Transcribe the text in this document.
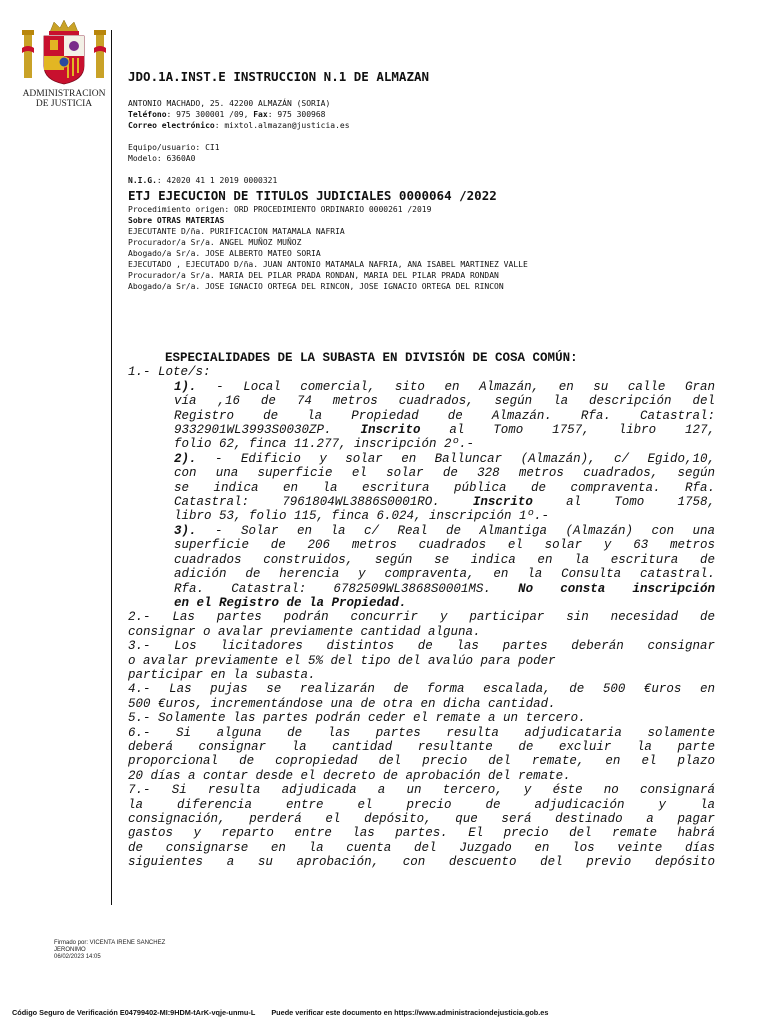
ADMINISTRACION
DE JUSTICIA
JDO.1A.INST.E INSTRUCCION N.1 DE ALMAZAN
ANTONIO MACHADO, 25. 42200 ALMAZÁN (SORIA)
Teléfono: 975 300001 /09, Fax: 975 300968
Correo electrónico: mixtol.almazan@justicia.es
Equipo/usuario: CI1
Modelo: 6360A0
N.I.G.: 42020 41 1 2019 0000321
ETJ EJECUCION DE TITULOS JUDICIALES 0000064 /2022
Procedimiento origen: ORD PROCEDIMIENTO ORDINARIO 0000261 /2019
Sobre OTRAS MATERIAS
EJECUTANTE D/ña. PURIFICACION MATAMALA NAFRIA
Procurador/a Sr/a. ANGEL MUÑOZ MUÑOZ
Abogado/a Sr/a. JOSE ALBERTO MATEO SORIA
EJECUTADO , EJECUTADO D/ña. JUAN ANTONIO MATAMALA NAFRIA, ANA ISABEL MARTINEZ VALLE
Procurador/a Sr/a. MARIA DEL PILAR PRADA RONDAN, MARIA DEL PILAR PRADA RONDAN
Abogado/a Sr/a. JOSE IGNACIO ORTEGA DEL RINCON, JOSE IGNACIO ORTEGA DEL RINCON
ESPECIALIDADES DE LA SUBASTA EN DIVISIÓN DE COSA COMÚN:
1.- Lote/s:
1). - Local comercial, sito en Almazán, en su calle Gran
vía ,16 de 74 metros cuadrados, según la descripción del
Registro de la Propiedad de Almazán. Rfa. Catastral:
9332901WL3993S0030ZP. Inscrito al Tomo 1757, libro 127,
folio 62, finca 11.277, inscripción 2º.-
2). - Edificio y solar en Balluncar (Almazán), c/ Egido,10,
con una superficie el solar de 328 metros cuadrados, según
se indica en la escritura pública de compraventa. Rfa.
Catastral: 7961804WL3886S0001RO. Inscrito al Tomo 1758,
libro 53, folio 115, finca 6.024, inscripción 1º.-
3). - Solar en la c/ Real de Almantiga (Almazán) con una
superficie de 206 metros cuadrados el solar y 63 metros
cuadrados construidos, según se indica en la escritura de
adición de herencia y compraventa, en la Consulta catastral.
Rfa. Catastral: 6782509WL3868S0001MS. No consta inscripción
en el Registro de la Propiedad.
2.- Las partes podrán concurrir y participar sin necesidad de
consignar o avalar previamente cantidad alguna.
3.- Los licitadores distintos de las partes deberán consignar
o avalar previamente el 5% del tipo del avalúo para poder
participar en la subasta.
4.- Las pujas se realizarán de forma escalada, de 500 €uros en
500 €uros, incrementándose una de otra en dicha cantidad.
5.- Solamente las partes podrán ceder el remate a un tercero.
6.- Si alguna de las partes resulta adjudicataria solamente
deberá consignar la cantidad resultante de excluir la parte
proporcional de copropiedad del precio del remate, en el plazo
20 días a contar desde el decreto de aprobación del remate.
7.- Si resulta adjudicada a un tercero, y éste no consignará
la diferencia entre el precio de adjudicación y la
consignación, perderá el depósito, que será destinado a pagar
gastos y reparto entre las partes. El precio del remate habrá
de consignarse en la cuenta del Juzgado en los veinte días
siguientes a su aprobación, con descuento del previo depósito
Firmado por: VICENTA IRENE SANCHEZ
JERONIMO
06/02/2023 14:05
Código Seguro de Verificación E04799402-MI:9HDM-tArK-vqje-unmu-L Puede verificar este documento en https://www.administraciondejusticia.gob.es
